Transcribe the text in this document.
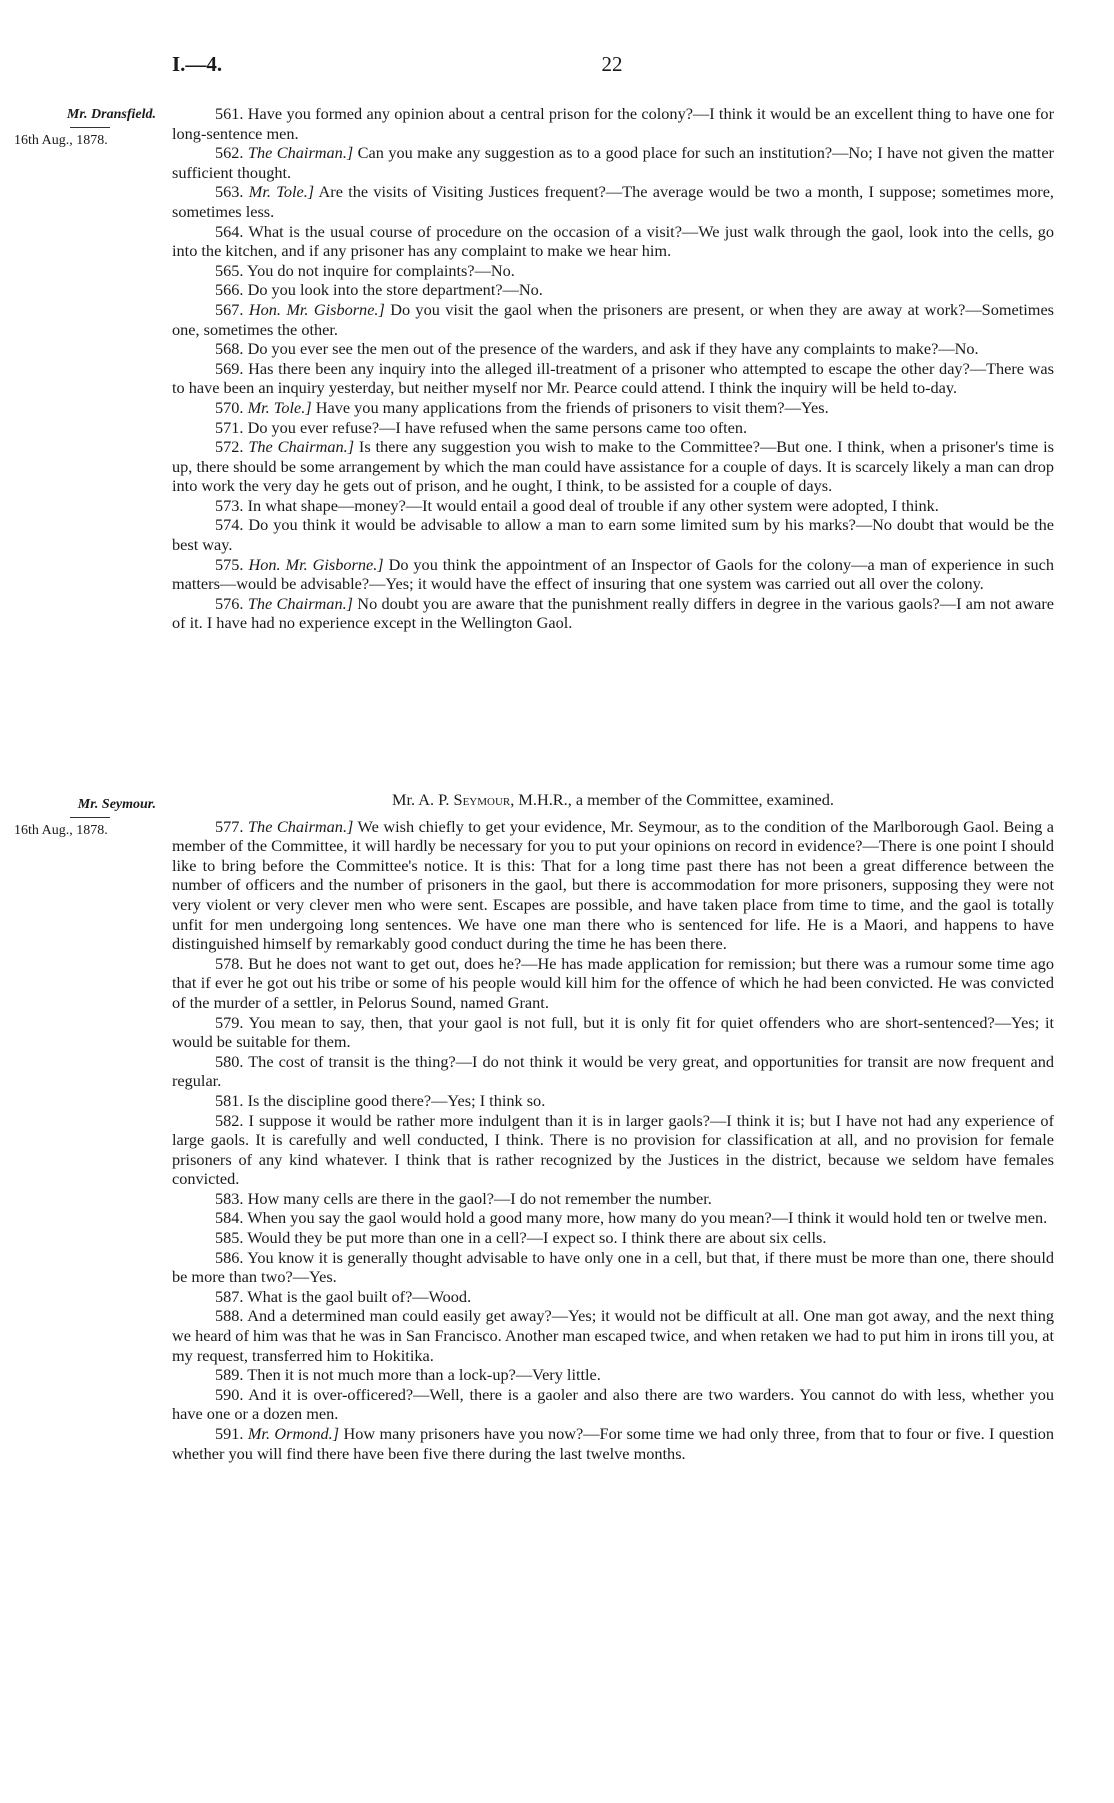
I.—4.	22
Mr. Dransfield.
16th Aug., 1878.
Mr. Seymour.
16th Aug., 1878.

561. Have you formed any opinion about a central prison for the colony?—I think it would be an excellent thing to have one for long-sentence men.

562. The Chairman.] Can you make any suggestion as to a good place for such an institution?—No; I have not given the matter sufficient thought.

563. Mr. Tole.] Are the visits of Visiting Justices frequent?—The average would be two a month, I suppose; sometimes more, sometimes less.

564. What is the usual course of procedure on the occasion of a visit?—We just walk through the gaol, look into the cells, go into the kitchen, and if any prisoner has any complaint to make we hear him.

565. You do not inquire for complaints?—No.

566. Do you look into the store department?—No.

567. Hon. Mr. Gisborne.] Do you visit the gaol when the prisoners are present, or when they are away at work?—Sometimes one, sometimes the other.

568. Do you ever see the men out of the presence of the warders, and ask if they have any complaints to make?—No.

569. Has there been any inquiry into the alleged ill-treatment of a prisoner who attempted to escape the other day?—There was to have been an inquiry yesterday, but neither myself nor Mr. Pearce could attend. I think the inquiry will be held to-day.

570. Mr. Tole.] Have you many applications from the friends of prisoners to visit them?—Yes.

571. Do you ever refuse?—I have refused when the same persons came too often.

572. The Chairman.] Is there any suggestion you wish to make to the Committee?—But one. I think, when a prisoner's time is up, there should be some arrangement by which the man could have assistance for a couple of days. It is scarcely likely a man can drop into work the very day he gets out of prison, and he ought, I think, to be assisted for a couple of days.

573. In what shape—money?—It would entail a good deal of trouble if any other system were adopted, I think.

574. Do you think it would be advisable to allow a man to earn some limited sum by his marks?—No doubt that would be the best way.

575. Hon. Mr. Gisborne.] Do you think the appointment of an Inspector of Gaols for the colony—a man of experience in such matters—would be advisable?—Yes; it would have the effect of insuring that one system was carried out all over the colony.

576. The Chairman.] No doubt you are aware that the punishment really differs in degree in the various gaols?—I am not aware of it. I have had no experience except in the Wellington Gaol.

Mr. A. P. Seymour, M.H.R., a member of the Committee, examined.

577. The Chairman.] We wish chiefly to get your evidence, Mr. Seymour, as to the condition of the Marlborough Gaol. Being a member of the Committee, it will hardly be necessary for you to put your opinions on record in evidence?—There is one point I should like to bring before the Committee's notice. It is this: That for a long time past there has not been a great difference between the number of officers and the number of prisoners in the gaol, but there is accommodation for more prisoners, supposing they were not very violent or very clever men who were sent. Escapes are possible, and have taken place from time to time, and the gaol is totally unfit for men undergoing long sentences. We have one man there who is sentenced for life. He is a Maori, and happens to have distinguished himself by remarkably good conduct during the time he has been there.

578. But he does not want to get out, does he?—He has made application for remission; but there was a rumour some time ago that if ever he got out his tribe or some of his people would kill him for the offence of which he had been convicted. He was convicted of the murder of a settler, in Pelorus Sound, named Grant.

579. You mean to say, then, that your gaol is not full, but it is only fit for quiet offenders who are short-sentenced?—Yes; it would be suitable for them.

580. The cost of transit is the thing?—I do not think it would be very great, and opportunities for transit are now frequent and regular.

581. Is the discipline good there?—Yes; I think so.

582. I suppose it would be rather more indulgent than it is in larger gaols?—I think it is; but I have not had any experience of large gaols. It is carefully and well conducted, I think. There is no provision for classification at all, and no provision for female prisoners of any kind whatever. I think that is rather recognized by the Justices in the district, because we seldom have females convicted.

583. How many cells are there in the gaol?—I do not remember the number.

584. When you say the gaol would hold a good many more, how many do you mean?—I think it would hold ten or twelve men.

585. Would they be put more than one in a cell?—I expect so. I think there are about six cells.

586. You know it is generally thought advisable to have only one in a cell, but that, if there must be more than one, there should be more than two?—Yes.

587. What is the gaol built of?—Wood.

588. And a determined man could easily get away?—Yes; it would not be difficult at all. One man got away, and the next thing we heard of him was that he was in San Francisco. Another man escaped twice, and when retaken we had to put him in irons till you, at my request, transferred him to Hokitika.

589. Then it is not much more than a lock-up?—Very little.

590. And it is over-officered?—Well, there is a gaoler and also there are two warders. You cannot do with less, whether you have one or a dozen men.

591. Mr. Ormond.] How many prisoners have you now?—For some time we had only three, from that to four or five. I question whether you will find there have been five there during the last twelve months.
